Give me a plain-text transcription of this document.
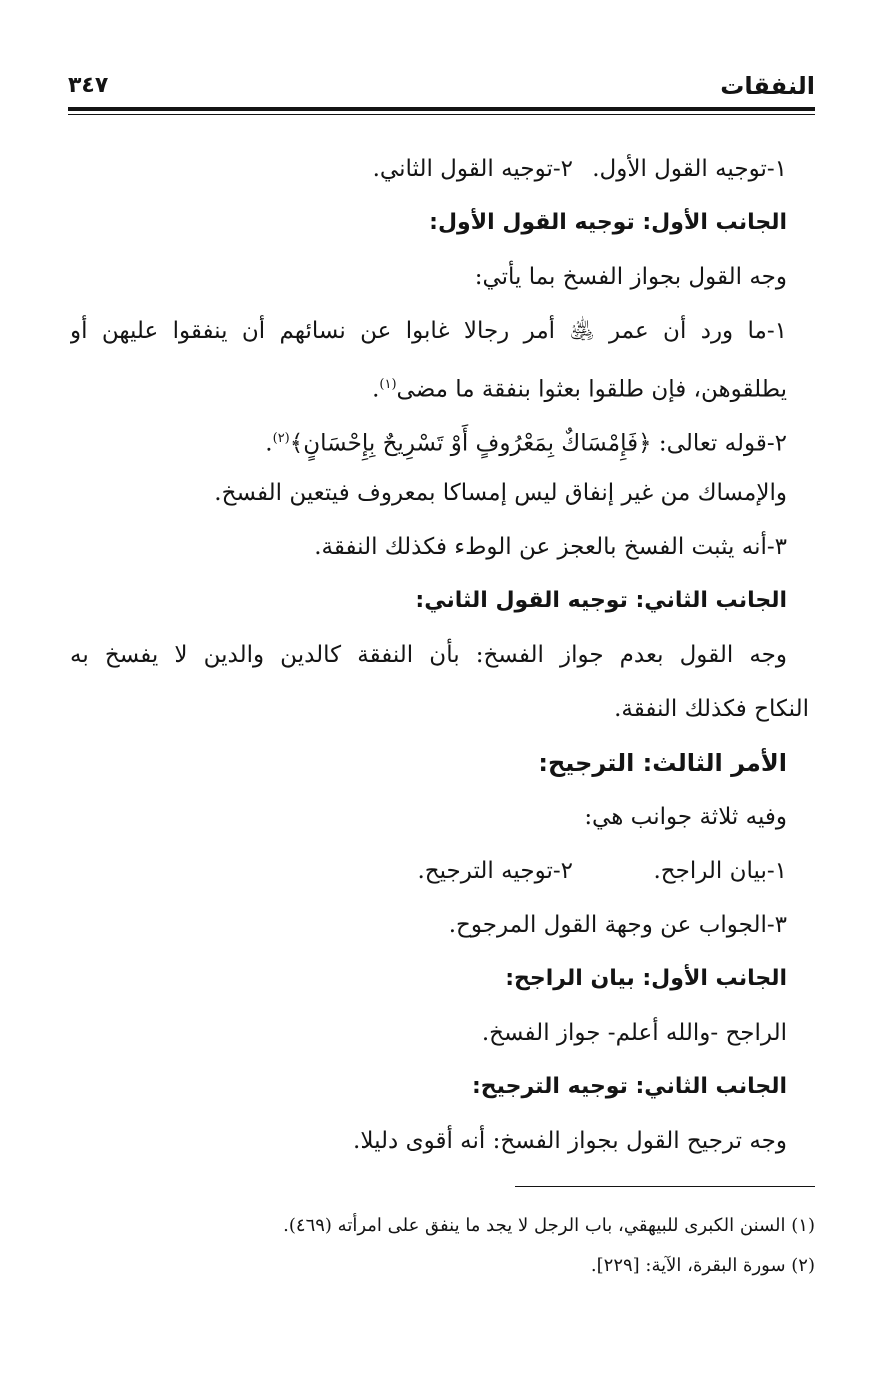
النفقات
٣٤٧
١-توجيه القول الأول.
٢-توجيه القول الثاني.
الجانب الأول: توجيه القول الأول:
وجه القول بجواز الفسخ بما يأتي:
١-ما ورد أن عمر ﵁ أمر رجالا غابوا عن نسائهم أن ينفقوا عليهن أو
يطلقوهن، فإن طلقوا بعثوا بنفقة ما مضى$^{(١)}$.
٢-قوله تعالى: ﴿فَإِمْسَاكٌ بِمَعْرُوفٍ أَوْ تَسْرِيحٌ بِإِحْسَانٍ﴾$^{(٢)}$.
والإمساك من غير إنفاق ليس إمساكا بمعروف فيتعين الفسخ.
٣-أنه يثبت الفسخ بالعجز عن الوطء فكذلك النفقة.
الجانب الثاني: توجيه القول الثاني:
وجه القول بعدم جواز الفسخ: بأن النفقة كالدين والدين لا يفسخ به
النكاح فكذلك النفقة.
الأمر الثالث: الترجيح:
وفيه ثلاثة جوانب هي:
١-بيان الراجح.
٢-توجيه الترجيح.
٣-الجواب عن وجهة القول المرجوح.
الجانب الأول: بيان الراجح:
الراجح -والله أعلم- جواز الفسخ.
الجانب الثاني: توجيه الترجيح:
وجه ترجيح القول بجواز الفسخ: أنه أقوى دليلا.
(١) السنن الكبرى للبيهقي، باب الرجل لا يجد ما ينفق على امرأته (٤٦٩).
(٢) سورة البقرة، الآية: [٢٢٩].
